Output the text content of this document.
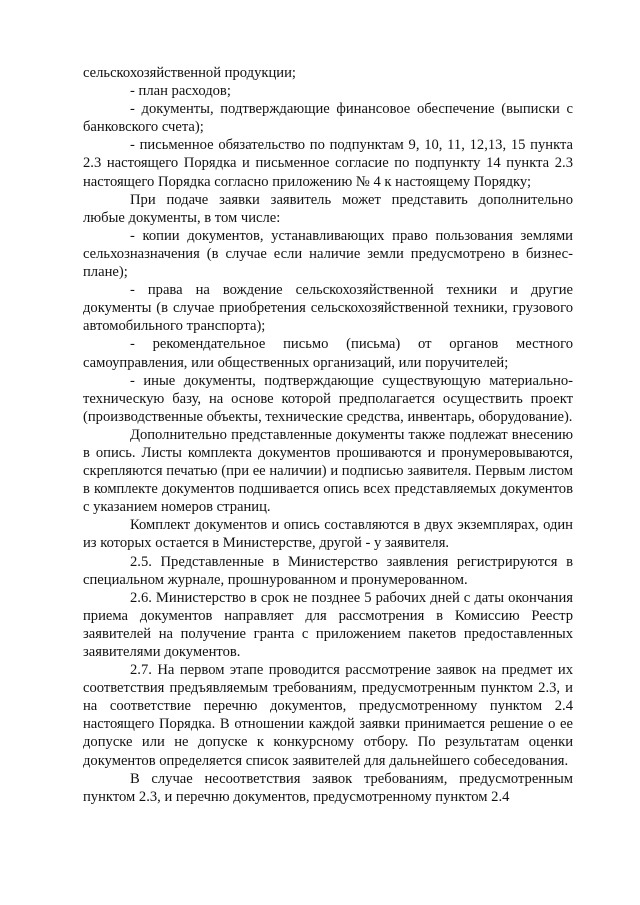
сельскохозяйственной продукции;

- план расходов;

- документы, подтверждающие финансовое обеспечение (выписки с банковского счета);

- письменное обязательство по подпунктам 9, 10, 11, 12,13, 15 пункта 2.3 настоящего Порядка и письменное согласие по подпункту 14 пункта 2.3 настоящего Порядка согласно приложению № 4 к настоящему Порядку;

При подаче заявки заявитель может представить дополнительно любые документы, в том числе:

- копии документов, устанавливающих право пользования землями сельхозназначения (в случае если наличие земли предусмотрено в бизнес-плане);

- права на вождение сельскохозяйственной техники и другие документы (в случае приобретения сельскохозяйственной техники, грузового автомобильного транспорта);

- рекомендательное письмо (письма) от органов местного самоуправления, или общественных организаций, или поручителей;

- иные документы, подтверждающие существующую материально-техническую базу, на основе которой предполагается осуществить проект (производственные объекты, технические средства, инвентарь, оборудование).

Дополнительно представленные документы также подлежат внесению в опись. Листы комплекта документов прошиваются и пронумеровываются, скрепляются печатью (при ее наличии) и подписью заявителя. Первым листом в комплекте документов подшивается опись всех представляемых документов с указанием номеров страниц.

Комплект документов и опись составляются в двух экземплярах, один из которых остается в Министерстве, другой - у заявителя.

2.5. Представленные в Министерство заявления регистрируются в специальном журнале, прошнурованном и пронумерованном.

2.6. Министерство в срок не позднее 5 рабочих дней с даты окончания приема документов направляет для рассмотрения в Комиссию Реестр заявителей на получение гранта с приложением пакетов предоставленных заявителями документов.

2.7. На первом этапе проводится рассмотрение заявок на предмет их соответствия предъявляемым требованиям, предусмотренным пунктом 2.3, и на соответствие перечню документов, предусмотренному пунктом 2.4 настоящего Порядка. В отношении каждой заявки принимается решение о ее допуске или не допуске к конкурсному отбору. По результатам оценки документов определяется список заявителей для дальнейшего собеседования.

В случае несоответствия заявок требованиям, предусмотренным пунктом 2.3, и перечню документов, предусмотренному пунктом 2.4
